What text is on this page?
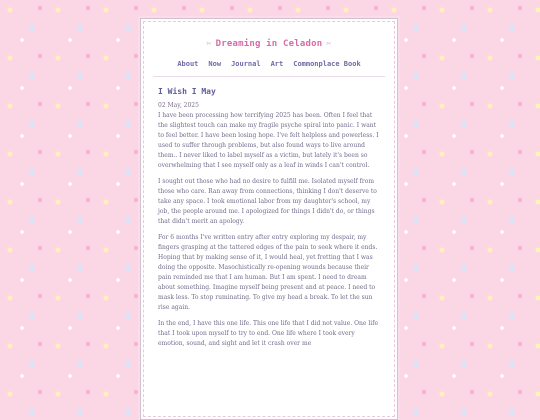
✂ Dreaming in Celadon ✂
About Now Journal Art Commonplace Book
I Wish I May
02 May, 2025

I have been processing how terrifying 2025 has been. Often I feel that the slightest touch can make my fragile psyche spiral into panic. I want to feel better. I have been losing hope. I've felt helpless and powerless. I used to suffer through problems, but also found ways to live around them.. I never liked to label myself as a victim, but lately it's been so overwhelming that I see myself only as a leaf in winds I can't control.

I sought out those who had no desire to fulfill me. Isolated myself from those who care. Ran away from connections, thinking I don't deserve to take any space. I took emotional labor from my daughter's school, my job, the people around me. I apologized for things I didn't do, or things that didn't merit an apology.

For 6 months I've written entry after entry exploring my despair, my fingers grasping at the tattered edges of the pain to seek where it ends. Hoping that by making sense of it, I would heal, yet fretting that I was doing the opposite. Masochistically re-opening wounds because their pain reminded me that I am human. But I am spent. I need to dream about something. Imagine myself being present and at peace. I need to mask less. To stop ruminating. To give my head a break. To let the sun rise again.

In the end, I have this one life. This one life that I did not value. One life that I took upon myself to try to end. One life where I took every emotion, sound, and sight and let it crash over me
